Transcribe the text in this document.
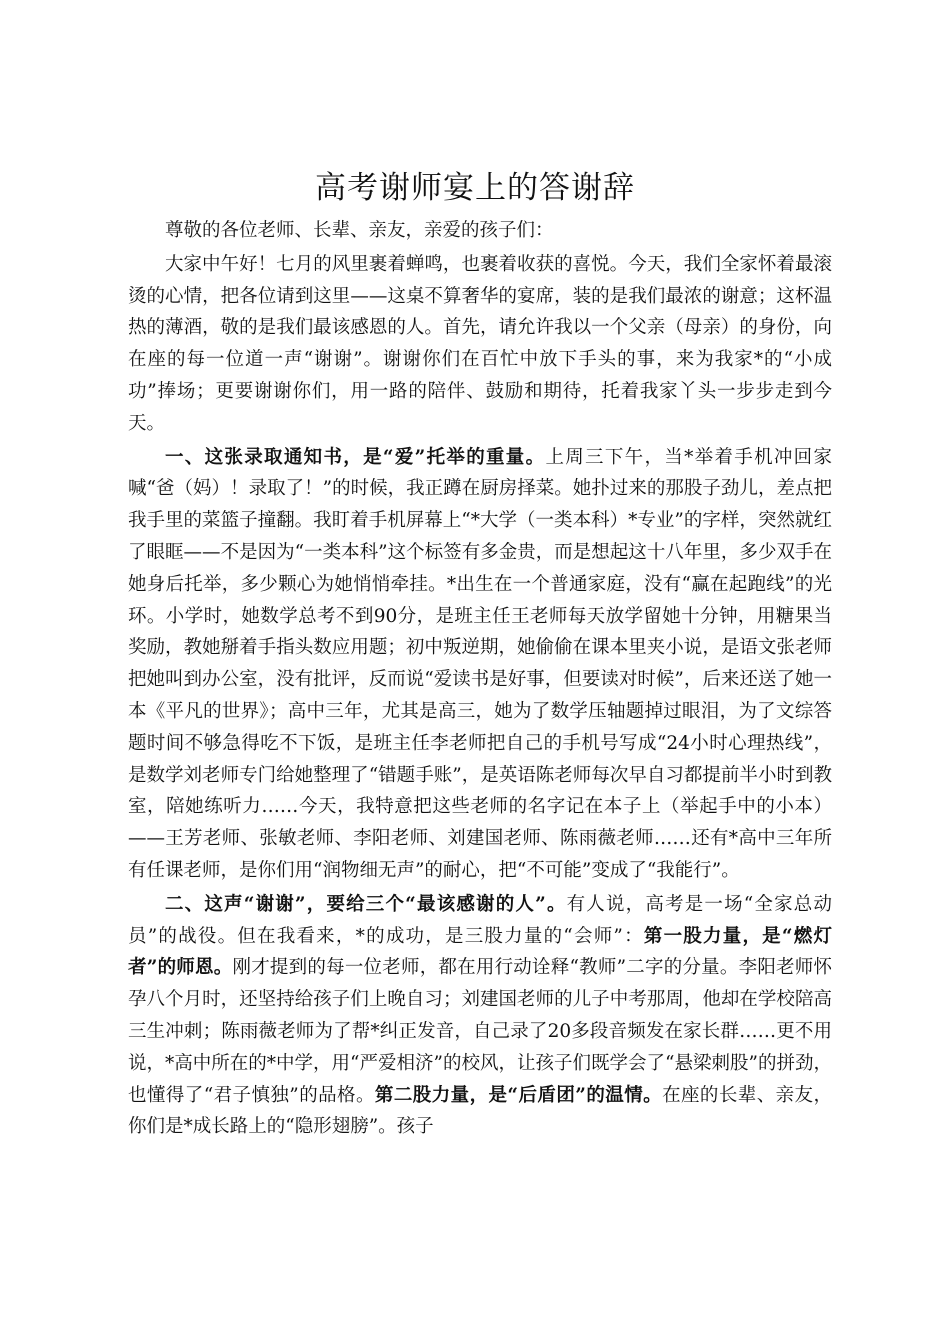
高考谢师宴上的答谢辞

尊敬的各位老师、长辈、亲友，亲爱的孩子们：

大家中午好！七月的风里裹着蝉鸣，也裹着收获的喜悦。今天，我们全家怀着最滚烫的心情，把各位请到这里——这桌不算奢华的宴席，装的是我们最浓的谢意；这杯温热的薄酒，敬的是我们最该感恩的人。首先，请允许我以一个父亲（母亲）的身份，向在座的每一位道一声“谢谢”。谢谢你们在百忙中放下手头的事，来为我家*的“小成功”捧场；更要谢谢你们，用一路的陪伴、鼓励和期待，托着我家丫头一步步走到今天。

一、这张录取通知书，是“爱”托举的重量。上周三下午，当*举着手机冲回家喊“爸（妈）！录取了！”的时候，我正蹲在厨房择菜。她扑过来的那股子劲儿，差点把我手里的菜篮子撞翻。我盯着手机屏幕上“*大学（一类本科）*专业”的字样，突然就红了眼眶——不是因为“一类本科”这个标签有多金贵，而是想起这十八年里，多少双手在她身后托举，多少颗心为她悄悄牵挂。*出生在一个普通家庭，没有“赢在起跑线”的光环。小学时，她数学总考不到90分，是班主任王老师每天放学留她十分钟，用糖果当奖励，教她掰着手指头数应用题；初中叛逆期，她偷偷在课本里夹小说，是语文张老师把她叫到办公室，没有批评，反而说“爱读书是好事，但要读对时候”，后来还送了她一本《平凡的世界》；高中三年，尤其是高三，她为了数学压轴题掉过眼泪，为了文综答题时间不够急得吃不下饭，是班主任李老师把自己的手机号写成“24小时心理热线”，是数学刘老师专门给她整理了“错题手账”，是英语陈老师每次早自习都提前半小时到教室，陪她练听力……今天，我特意把这些老师的名字记在本子上（举起手中的小本）——王芳老师、张敏老师、李阳老师、刘建国老师、陈雨薇老师……还有*高中三年所有任课老师，是你们用“润物细无声”的耐心，把“不可能”变成了“我能行”。

二、这声“谢谢”，要给三个“最该感谢的人”。有人说，高考是一场“全家总动员”的战役。但在我看来，*的成功，是三股力量的“会师”：第一股力量，是“燃灯者”的师恩。刚才提到的每一位老师，都在用行动诠释“教师”二字的分量。李阳老师怀孕八个月时，还坚持给孩子们上晚自习；刘建国老师的儿子中考那周，他却在学校陪高三生冲刺；陈雨薇老师为了帮*纠正发音，自己录了20多段音频发在家长群……更不用说，*高中所在的*中学，用“严爱相济”的校风，让孩子们既学会了“悬梁刺股”的拼劲，也懂得了“君子慎独”的品格。第二股力量，是“后盾团”的温情。在座的长辈、亲友，你们是*成长路上的“隐形翅膀”。孩子
